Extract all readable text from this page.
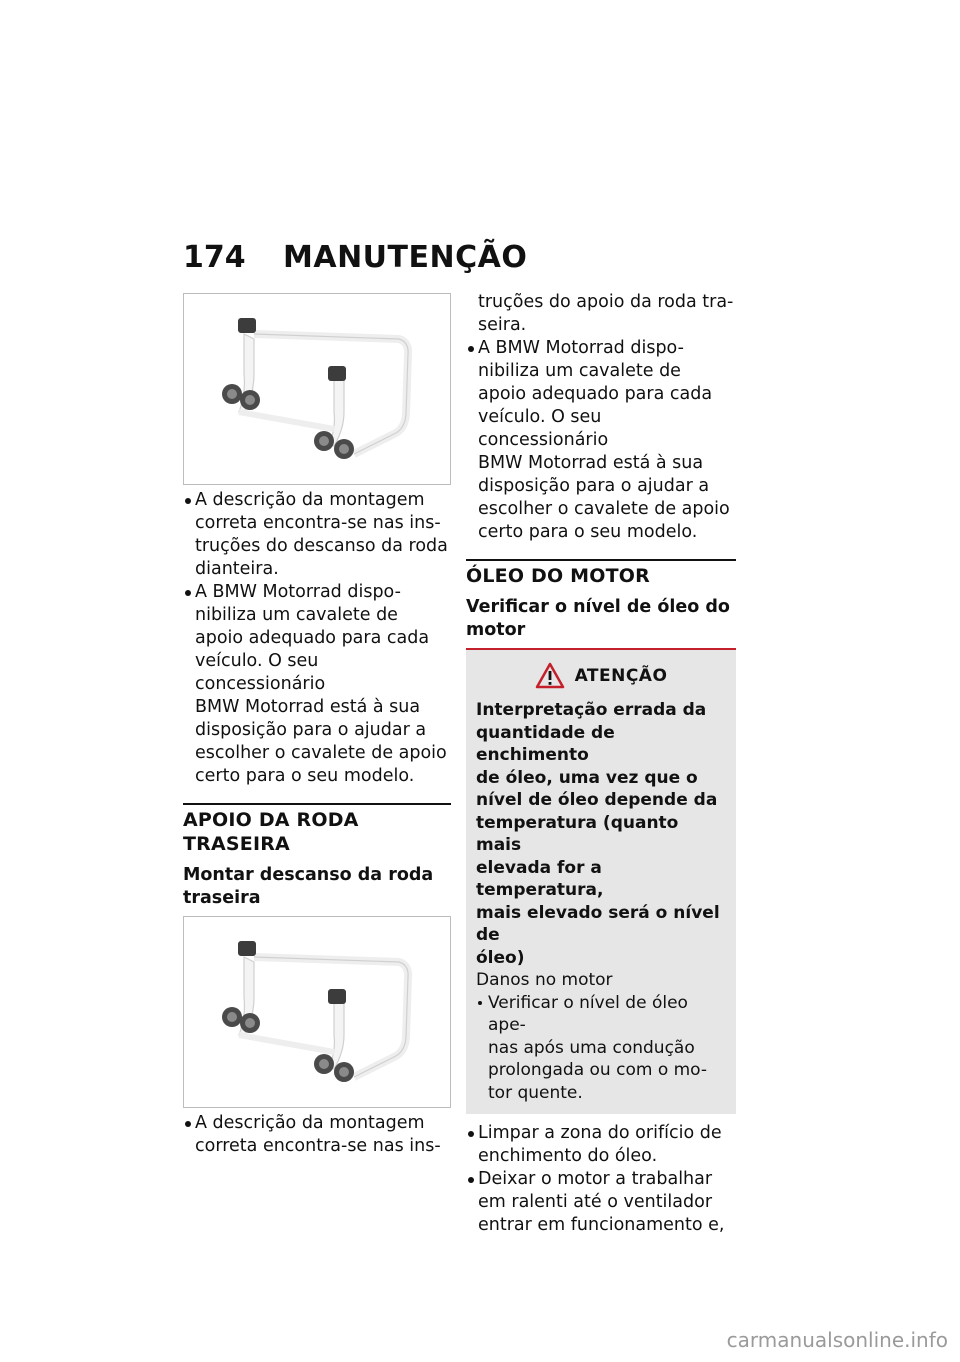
174 MANUTENÇÃO
A descrição da montagem
correta encontra-se nas ins-
truções do descanso da roda
dianteira.
A BMW Motorrad dispo-
nibiliza um cavalete de
apoio adequado para cada
veículo. O seu concessionário
BMW Motorrad está à sua
disposição para o ajudar a
escolher o cavalete de apoio
certo para o seu modelo.
APOIO DA RODA TRASEIRA
Montar descanso da roda
traseira
A descrição da montagem
correta encontra-se nas ins-
truções do apoio da roda tra-
seira.
A BMW Motorrad dispo-
nibiliza um cavalete de
apoio adequado para cada
veículo. O seu concessionário
BMW Motorrad está à sua
disposição para o ajudar a
escolher o cavalete de apoio
certo para o seu modelo.
ÓLEO DO MOTOR
Verificar o nível de óleo do
motor
ATENÇÃO
Interpretação errada da
quantidade de enchimento
de óleo, uma vez que o
nível de óleo depende da
temperatura (quanto mais
elevada for a temperatura,
mais elevado será o nível de
óleo)
Danos no motor
Verificar o nível de óleo ape-
nas após uma condução
prolongada ou com o mo-
tor quente.
Limpar a zona do orifício de
enchimento do óleo.
Deixar o motor a trabalhar
em ralenti até o ventilador
entrar em funcionamento e,
carmanualsonline.info
